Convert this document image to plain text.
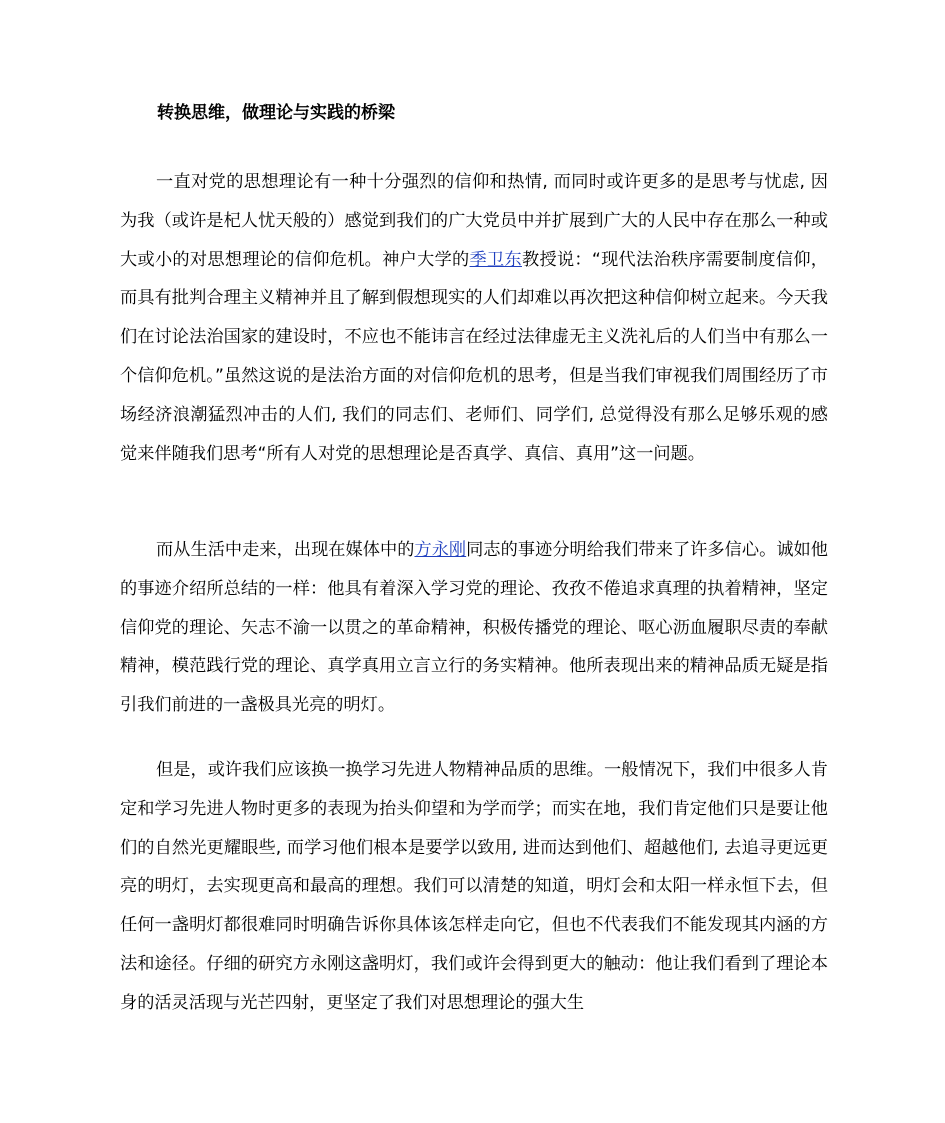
转换思维，做理论与实践的桥梁

一直对党的思想理论有一种十分强烈的信仰和热情, 而同时或许更多的是思考与忧虑, 因为我（或许是杞人忧天般的）感觉到我们的广大党员中并扩展到广大的人民中存在那么一种或大或小的对思想理论的信仰危机。神户大学的季卫东教授说：“现代法治秩序需要制度信仰，而具有批判合理主义精神并且了解到假想现实的人们却难以再次把这种信仰树立起来。今天我们在讨论法治国家的建设时，不应也不能讳言在经过法律虚无主义洗礼后的人们当中有那么一个信仰危机。”虽然这说的是法治方面的对信仰危机的思考，但是当我们审视我们周围经历了市场经济浪潮猛烈冲击的人们, 我们的同志们、老师们、同学们, 总觉得没有那么足够乐观的感觉来伴随我们思考“所有人对党的思想理论是否真学、真信、真用”这一问题。

而从生活中走来，出现在媒体中的方永刚同志的事迹分明给我们带来了许多信心。诚如他的事迹介绍所总结的一样：他具有着深入学习党的理论、孜孜不倦追求真理的执着精神，坚定信仰党的理论、矢志不渝一以贯之的革命精神，积极传播党的理论、呕心沥血履职尽责的奉献精神，模范践行党的理论、真学真用立言立行的务实精神。他所表现出来的精神品质无疑是指引我们前进的一盏极具光亮的明灯。

但是，或许我们应该换一换学习先进人物精神品质的思维。一般情况下，我们中很多人肯定和学习先进人物时更多的表现为抬头仰望和为学而学；而实在地，我们肯定他们只是要让他们的自然光更耀眼些, 而学习他们根本是要学以致用, 进而达到他们、超越他们, 去追寻更远更亮的明灯，去实现更高和最高的理想。我们可以清楚的知道，明灯会和太阳一样永恒下去，但任何一盏明灯都很难同时明确告诉你具体该怎样走向它，但也不代表我们不能发现其内涵的方法和途径。仔细的研究方永刚这盏明灯，我们或许会得到更大的触动：他让我们看到了理论本身的活灵活现与光芒四射，更坚定了我们对思想理论的强大生
